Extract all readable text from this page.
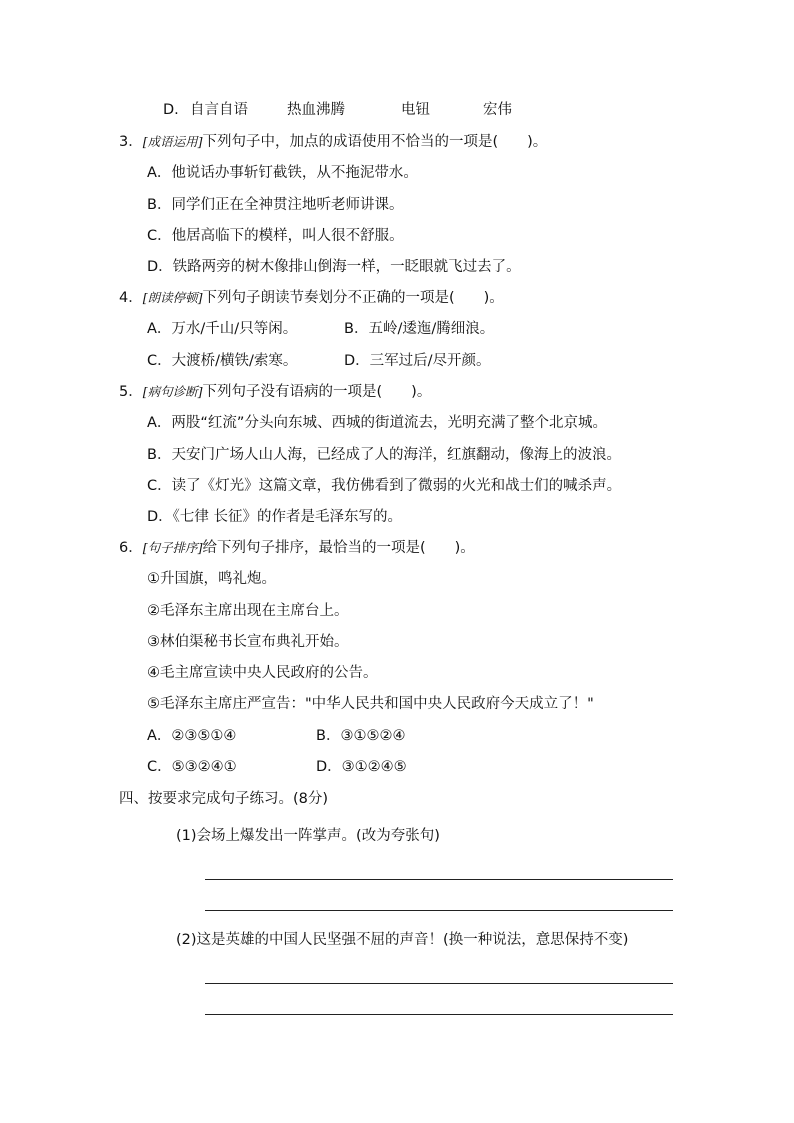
D. 自言自语	热血沸腾	电钮	宏伟
3．[成语运用]下列句子中，加点的成语使用不恰当的一项是(　　)。
A．他说话办事斩钉截铁，从不拖泥带水。
B．同学们正在全神贯注地听老师讲课。
C．他居高临下的模样，叫人很不舒服。
D．铁路两旁的树木像排山倒海一样，一眨眼就飞过去了。
4．[朗读停顿]下列句子朗读节奏划分不正确的一项是(　　)。
A．万水/千山/只等闲。	B．五岭/逶迤/腾细浪。
C．大渡桥/横铁/索寒。	D．三军过后/尽开颜。
5．[病句诊断]下列句子没有语病的一项是(　　)。
A．两股“红流”分头向东城、西城的街道流去，光明充满了整个北京城。
B．天安门广场人山人海，已经成了人的海洋，红旗翻动，像海上的波浪。
C．读了《灯光》这篇文章，我仿佛看到了微弱的火光和战士们的喊杀声。
D．《七律 长征》的作者是毛泽东写的。
6．[句子排序]给下列句子排序，最恰当的一项是(　　)。
①升国旗，鸣礼炮。
②毛泽东主席出现在主席台上。
③林伯渠秘书长宣布典礼开始。
④毛主席宣读中央人民政府的公告。
⑤毛泽东主席庄严宣告："中华人民共和国中央人民政府今天成立了！"
A．②③⑤①④	B．③①⑤②④
C．⑤③②④①	D．③①②④⑤
四、按要求完成句子练习。(8分)
(1)会场上爆发出一阵掌声。(改为夸张句)
(2)这是英雄的中国人民坚强不屈的声音！(换一种说法，意思保持不变)
